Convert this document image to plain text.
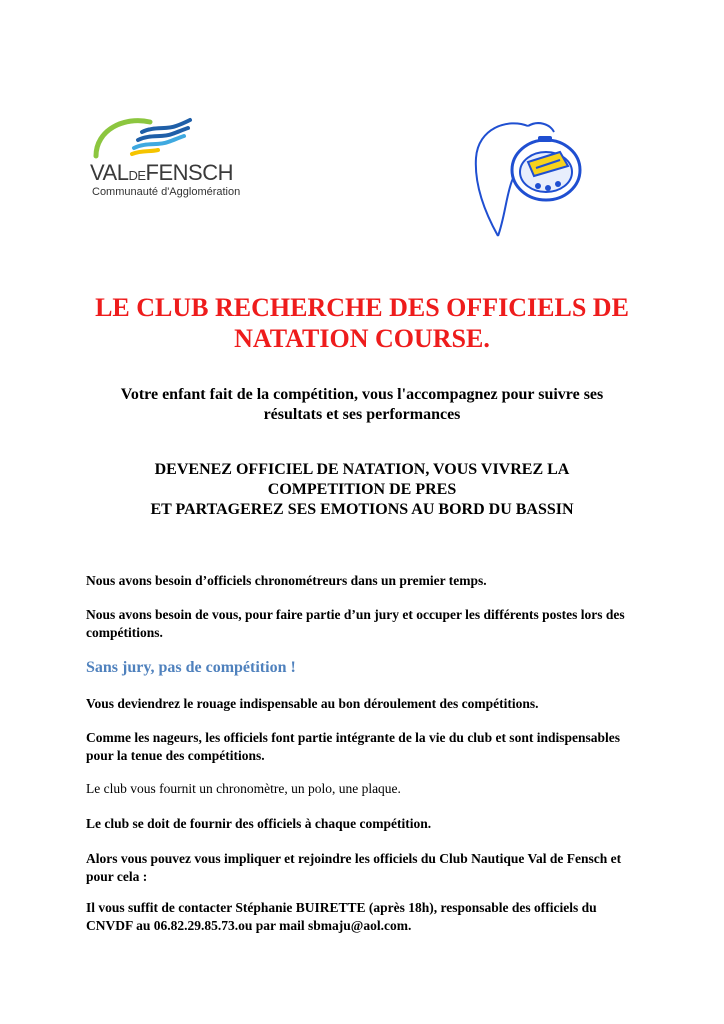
VALDEFENSCH
Communauté d'Agglomération
LE CLUB RECHERCHE DES OFFICIELS DE
NATATION COURSE.

Votre enfant fait de la compétition, vous l'accompagnez pour suivre ses résultats et ses performances

DEVENEZ OFFICIEL DE NATATION, VOUS VIVREZ LA
COMPETITION DE PRES
ET PARTAGEREZ SES EMOTIONS AU BORD DU BASSIN

Nous avons besoin d’officiels chronométreurs dans un premier temps.

Nous avons besoin de vous, pour faire partie d’un jury et occuper les différents postes lors des compétitions.

Sans jury, pas de compétition !

Vous deviendrez le rouage indispensable au bon déroulement des compétitions.

Comme les nageurs, les officiels font partie intégrante de la vie du club et sont indispensables pour la tenue des compétitions.

Le club vous fournit un chronomètre, un polo, une plaque.

Le club se doit de fournir des officiels à chaque compétition.

Alors vous pouvez vous impliquer et rejoindre les officiels du Club Nautique Val de Fensch et pour cela :

Il vous suffit de contacter Stéphanie BUIRETTE (après 18h), responsable des officiels du CNVDF au 06.82.29.85.73.ou par mail sbmaju@aol.com.
